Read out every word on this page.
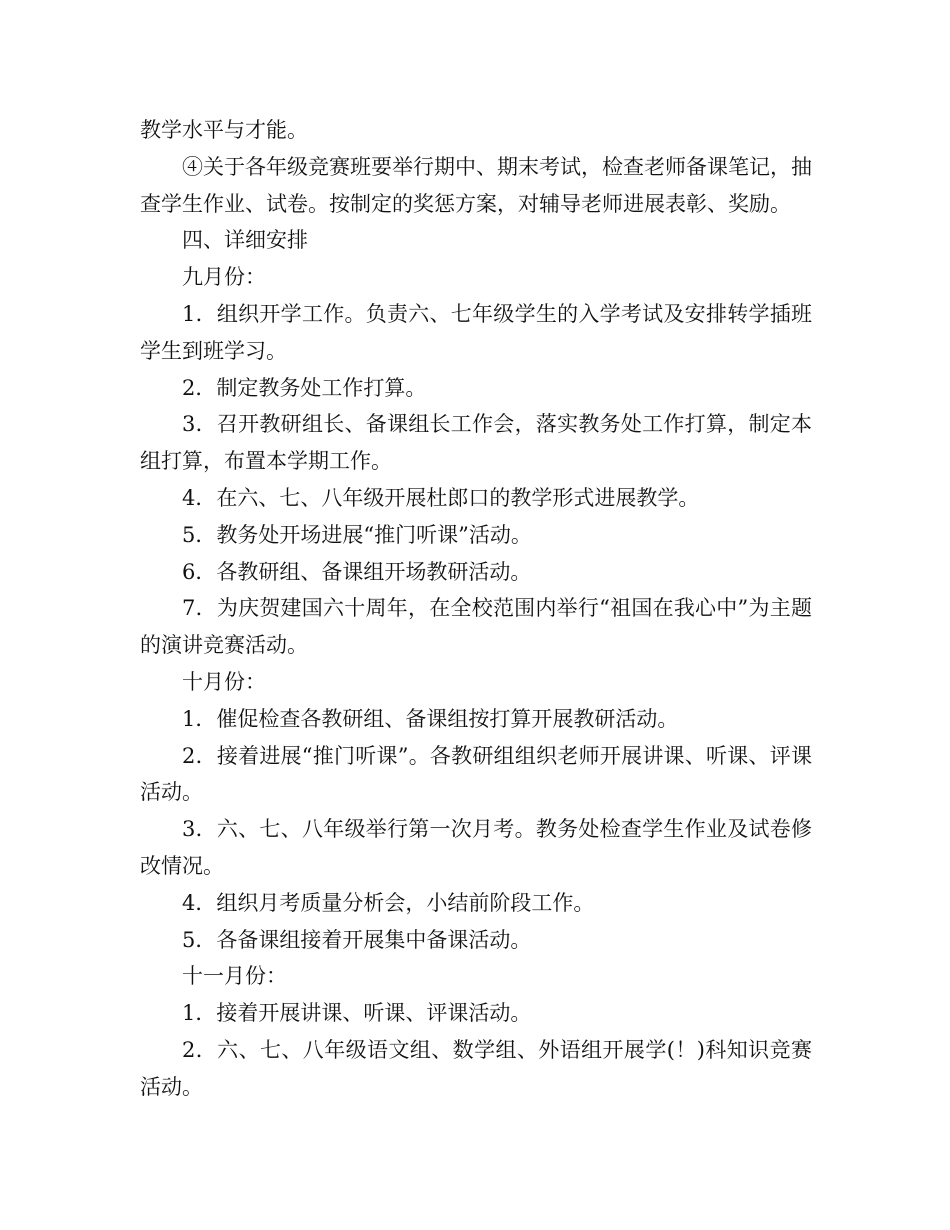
教学水平与才能。

④关于各年级竞赛班要举行期中、期末考试，检查老师备课笔记，抽查学生作业、试卷。按制定的奖惩方案，对辅导老师进展表彰、奖励。

四、详细安排

九月份：

1．组织开学工作。负责六、七年级学生的入学考试及安排转学插班学生到班学习。

2．制定教务处工作打算。

3．召开教研组长、备课组长工作会，落实教务处工作打算，制定本组打算，布置本学期工作。

4．在六、七、八年级开展杜郎口的教学形式进展教学。

5．教务处开场进展“推门听课”活动。

6．各教研组、备课组开场教研活动。

7．为庆贺建国六十周年，在全校范围内举行“祖国在我心中”为主题的演讲竞赛活动。

十月份：

1．催促检查各教研组、备课组按打算开展教研活动。

2．接着进展“推门听课”。各教研组组织老师开展讲课、听课、评课活动。

3．六、七、八年级举行第一次月考。教务处检查学生作业及试卷修改情况。

4．组织月考质量分析会，小结前阶段工作。

5．各备课组接着开展集中备课活动。

十一月份：

1．接着开展讲课、听课、评课活动。

2．六、七、八年级语文组、数学组、外语组开展学(！)科知识竞赛活动。
